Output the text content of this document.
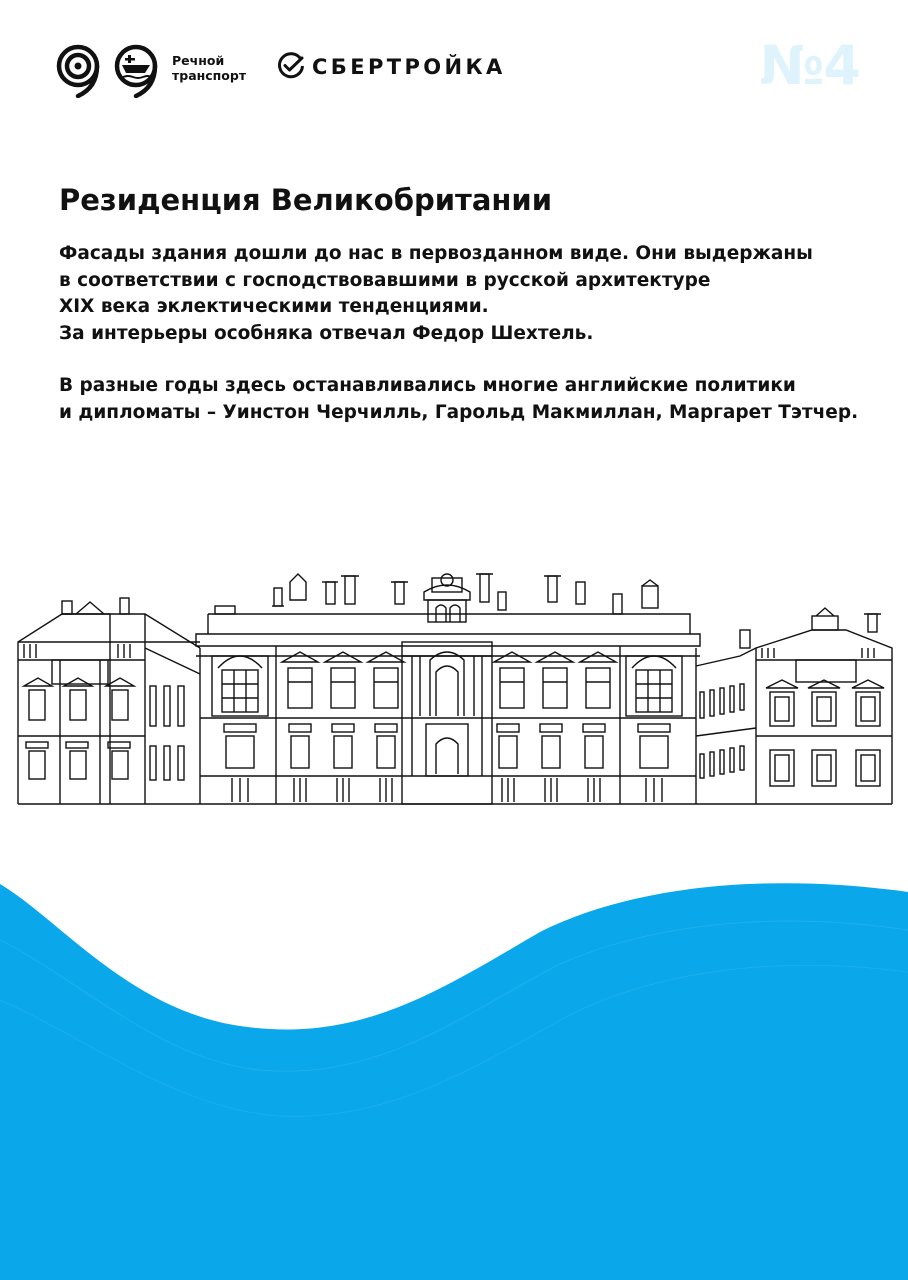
Речной
транспорт	СБЕРТРОЙКА	№4
Резиденция Великобритании

Фасады здания дошли до нас в первозданном виде. Они выдержаны
в соответствии с господствовавшими в русской архитектуре
XIX века эклектическими тенденциями.
За интерьеры особняка отвечал Федор Шехтель.

В разные годы здесь останавливались многие английские политики
и дипломаты – Уинстон Черчилль, Гарольд Макмиллан, Маргарет Тэтчер.
